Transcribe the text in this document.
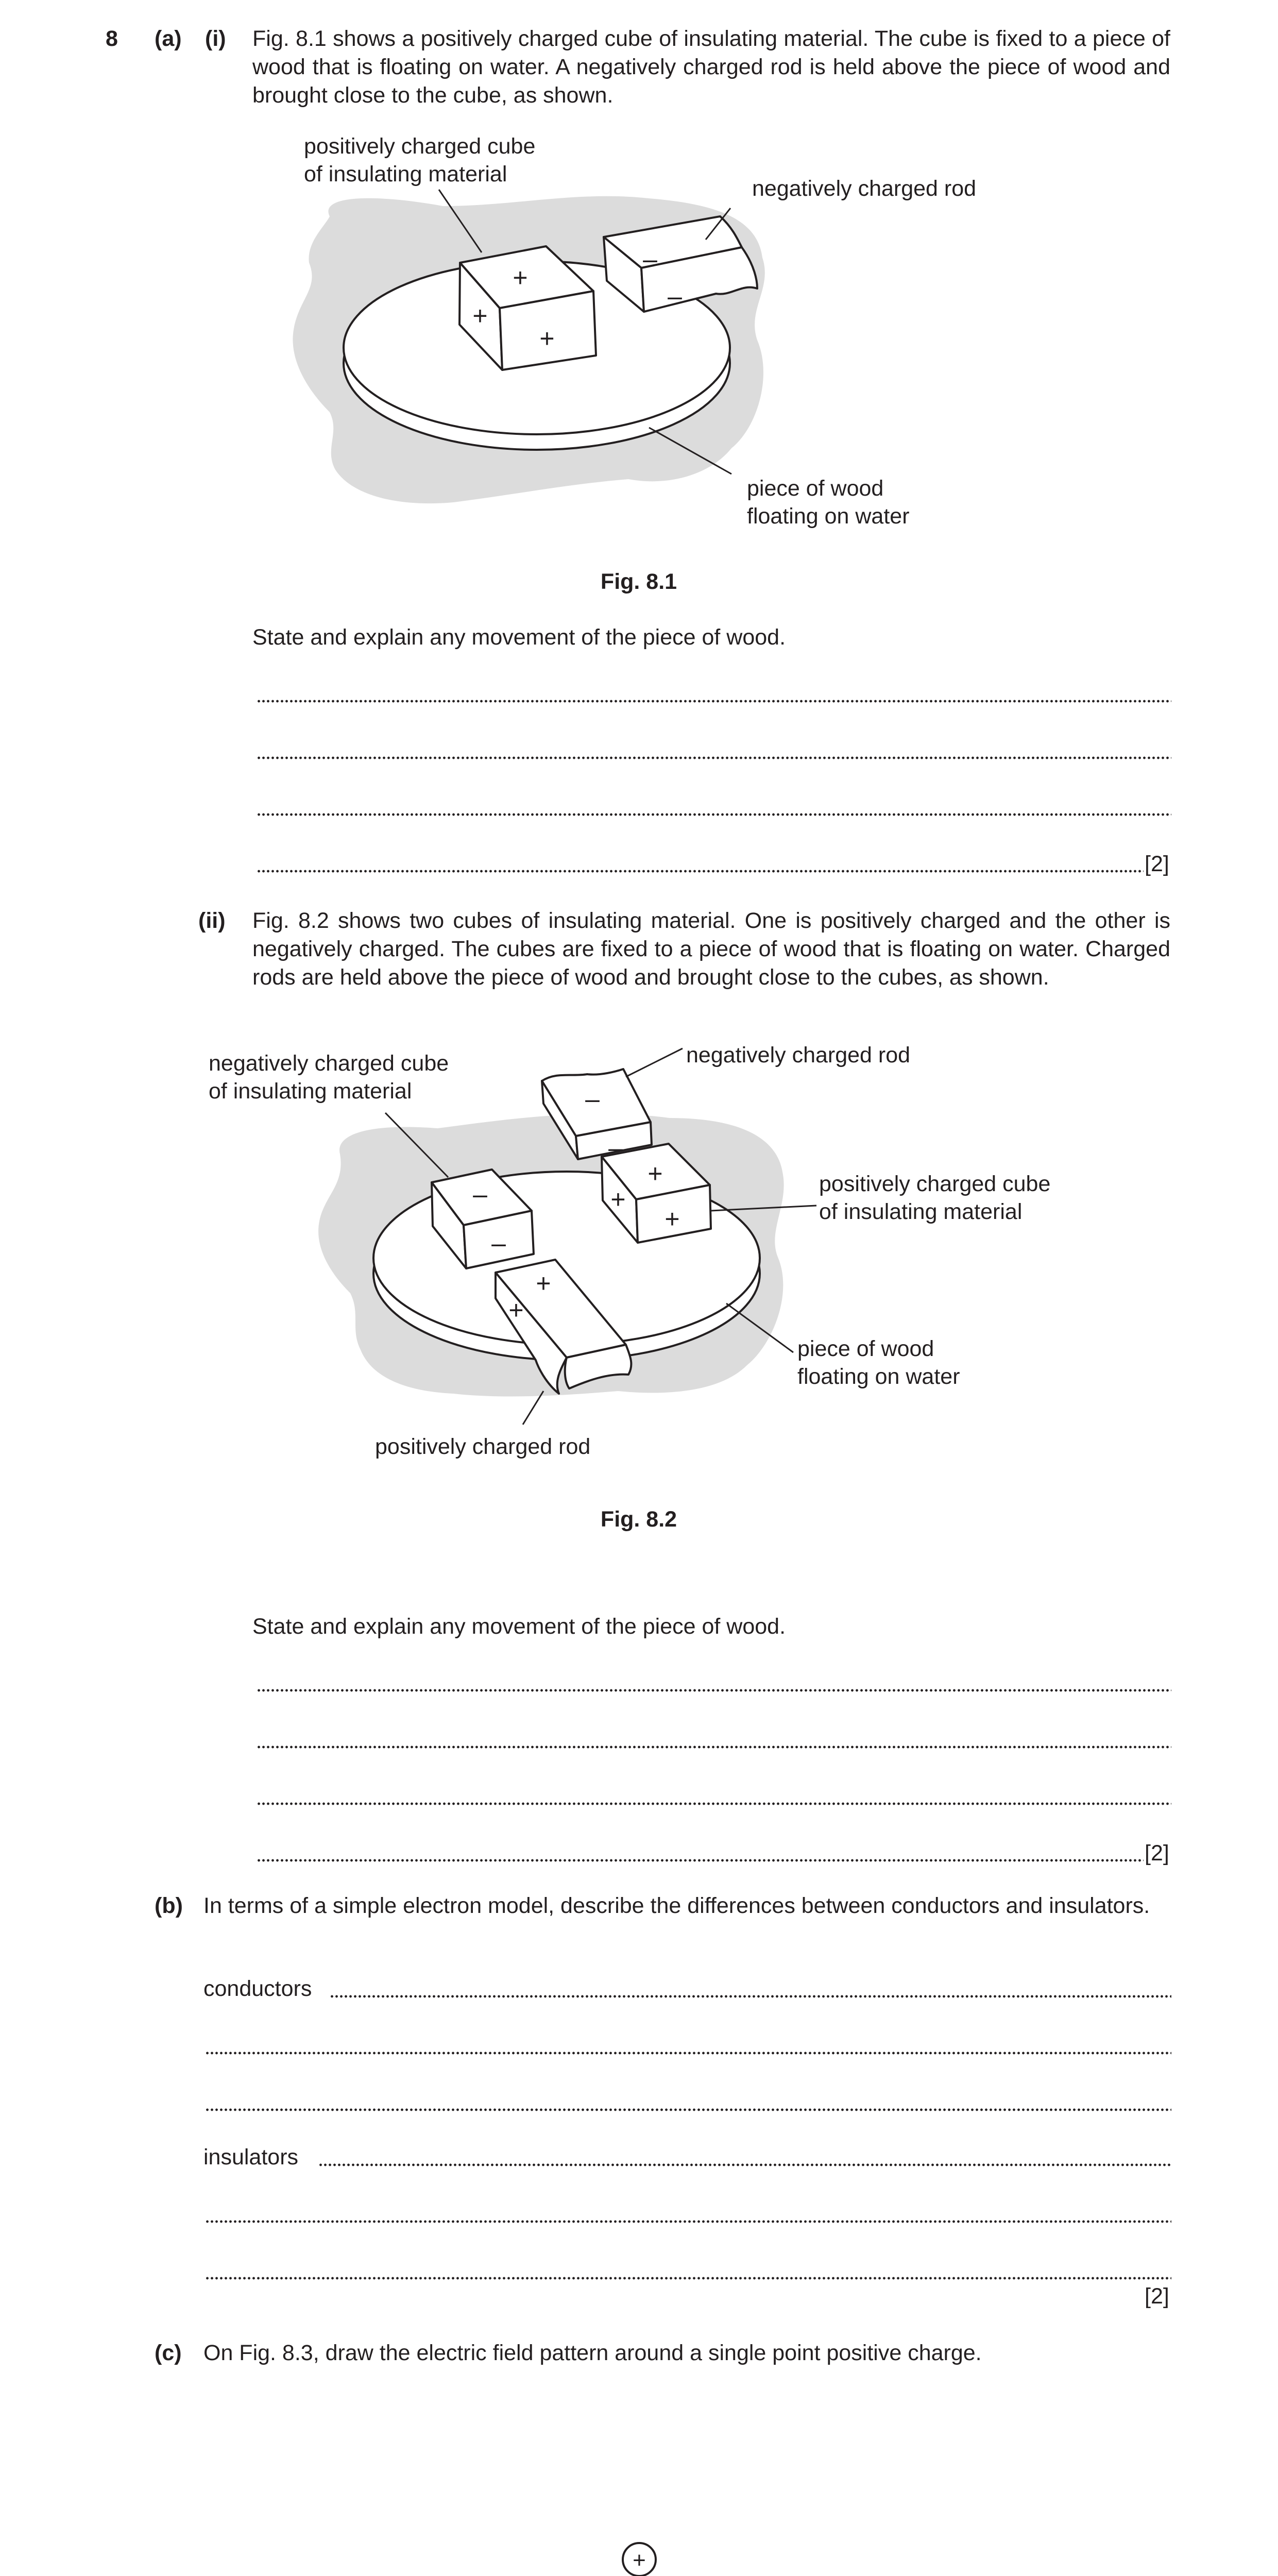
8 (a) (i) Fig. 8.1 shows a positively charged cube of insulating material. The cube is fixed to a piece of wood that is floating on water. A negatively charged rod is held above the piece of wood and brought close to the cube, as shown.
+
+
+
–
–
positively charged cube
of insulating material
negatively charged rod
piece of wood
floating on water
Fig. 8.1
State and explain any movement of the piece of wood.
[2]
(ii) Fig. 8.2 shows two cubes of insulating material. One is positively charged and the other is negatively charged. The cubes are fixed to a piece of wood that is floating on water. Charged rods are held above the piece of wood and brought close to the cubes, as shown.
–
–
+
+
+
–
–
+
+
negatively charged cube
of insulating material
negatively charged rod
positively charged cube
of insulating material
piece of wood
floating on water
positively charged rod
Fig. 8.2
State and explain any movement of the piece of wood.
[2]
(b) In terms of a simple electron model, describe the differences between conductors and insulators.
conductors
insulators
[2]
(c) On Fig. 8.3, draw the electric field pattern around a single point positive charge.
+
